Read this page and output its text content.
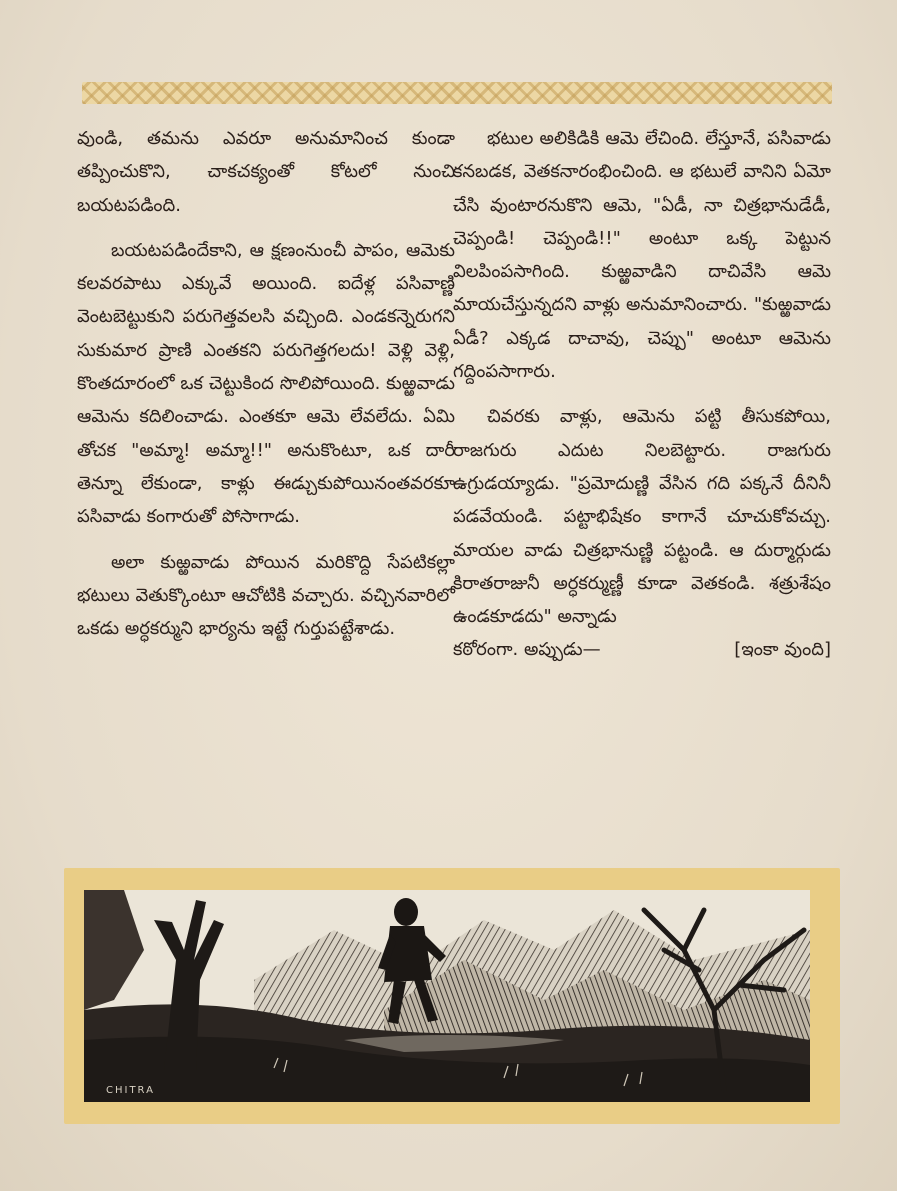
వుండి, తమను ఎవరూ అనుమానించ కుండా తప్పించుకొని, చాకచక్యంతో కోటలో నుంచి బయటపడింది.

బయటపడిందేకాని, ఆ క్షణంనుంచీ పాపం, ఆమెకు కలవరపాటు ఎక్కువే అయింది. ఐదేళ్ల పసివాణ్ణి వెంటబెట్టుకుని పరుగెత్తవలసి వచ్చింది. ఎండకన్నెరుగని సుకుమార ప్రాణి ఎంతకని పరుగెత్తగలదు! వెళ్లి వెళ్లి, కొంతదూరంలో ఒక చెట్టుకింద సొలిపోయింది. కుఱ్ఱవాడు ఆమెను కదిలించాడు. ఎంతకూ ఆమె లేవలేదు. ఏమి తోచక "అమ్మా! అమ్మా!!" అనుకొంటూ, ఒక దారీ తెన్నూ లేకుండా, కాళ్లు ఈడ్చుకుపోయినంతవరకూ పసివాడు కంగారుతో పోసాగాడు.

అలా కుఱ్ఱవాడు పోయిన మరికొద్ది సేపటికల్లా భటులు వెతుక్కొంటూ ఆచోటికి వచ్చారు. వచ్చినవారిలో ఒకడు అర్ధకర్ముని భార్యను ఇట్టే గుర్తుపట్టేశాడు.

భటుల అలికిడికి ఆమె లేచింది. లేస్తూనే, పసివాడు కనబడక, వెతకనారంభించింది. ఆ భటులే వానిని ఏమో చేసి వుంటారనుకొని ఆమె, "ఏడీ, నా చిత్రభానుడేడీ, చెప్పండి! చెప్పండి!!" అంటూ ఒక్క పెట్టున విలపింపసాగింది. కుఱ్ఱవాడిని దాచివేసి ఆమె మాయచేస్తున్నదని వాళ్లు అనుమానించారు. "కుఱ్ఱవాడు ఏడీ? ఎక్కడ దాచావు, చెప్పు" అంటూ ఆమెను గద్దింపసాగారు.

చివరకు వాళ్లు, ఆమెను పట్టి తీసుకపోయి, రాజగురు ఎదుట నిలబెట్టారు. రాజగురు ఉగ్రుడయ్యాడు. "ప్రమోదుణ్ణి వేసిన గది పక్కనే దీనినీ పడవేయండి. పట్టాభిషేకం కాగానే చూచుకోవచ్చు. మాయల వాడు చిత్రభానుణ్ణి పట్టండి. ఆ దుర్మార్గుడు కిరాతరాజునీ అర్ధకర్ముణ్ణీ కూడా వెతకండి. శత్రుశేషం ఉండకూడదు" అన్నాడు

కఠోరంగా. అప్పుడు—	[ఇంకా వుంది]
CHITRA
